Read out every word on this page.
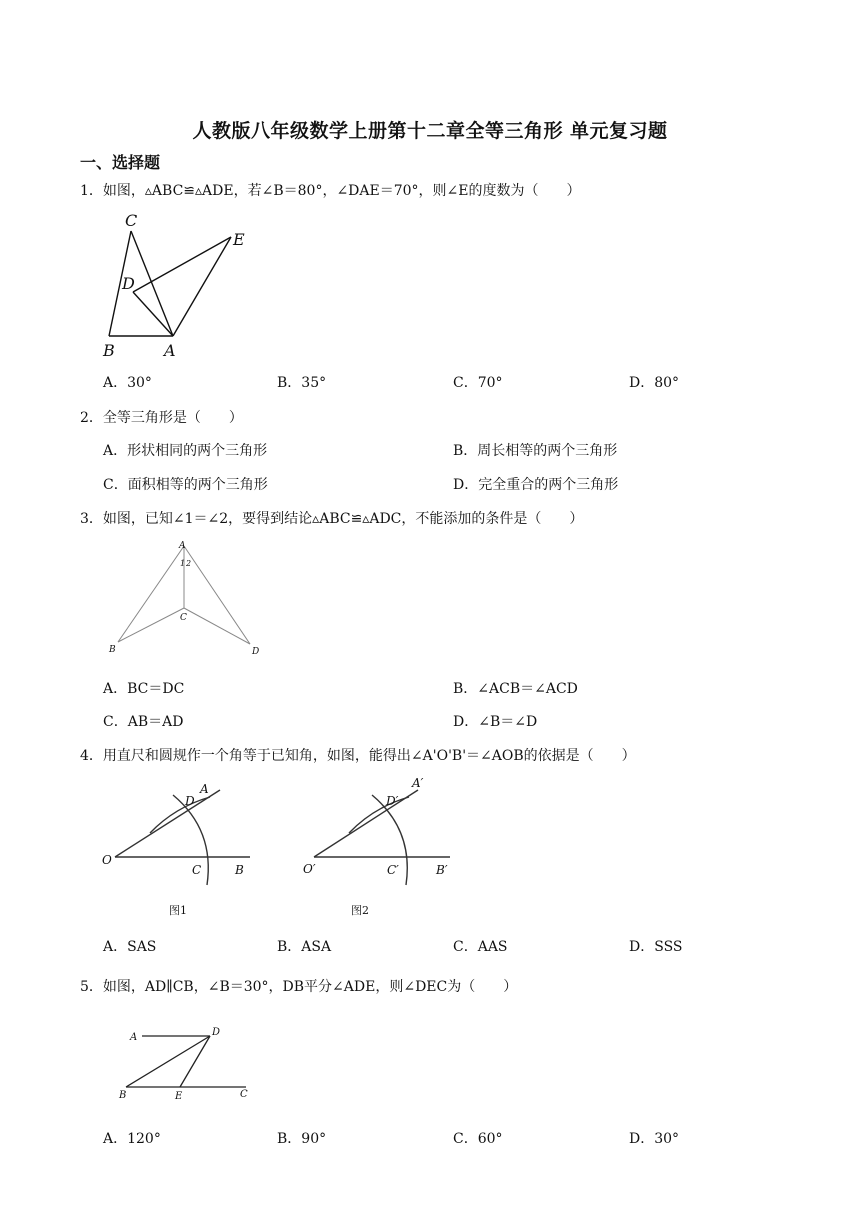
人教版八年级数学上册第十二章全等三角形 单元复习题
一、选择题
1．如图，▵ABC≌▵ADE，若∠B＝80°，∠DAE＝70°，则∠E的度数为（　　）
C
E
D
B	A
A．30°	B．35°	C．70°	D．80°
2．全等三角形是（　　）
A．形状相同的两个三角形	B．周长相等的两个三角形
C．面积相等的两个三角形	D．完全重合的两个三角形
3．如图，已知∠1＝∠2，要得到结论▵ABC≌▵ADC，不能添加的条件是（　　）
A
1 2
C
B	D
A．BC＝DC	B．∠ACB＝∠ACD
C．AB＝AD	D．∠B＝∠D
4．用直尺和圆规作一个角等于已知角，如图，能得出∠A'O'B'＝∠AOB的依据是（　　）
O
A
D
C	B
图1
O′
A′
D′
C′	B′
图2
A．SAS	B．ASA	C．AAS	D．SSS
5．如图，AD∥CB，∠B＝30°，DB平分∠ADE，则∠DEC为（　　）
A	D
B	E	C
A．120°	B．90°	C．60°	D．30°
